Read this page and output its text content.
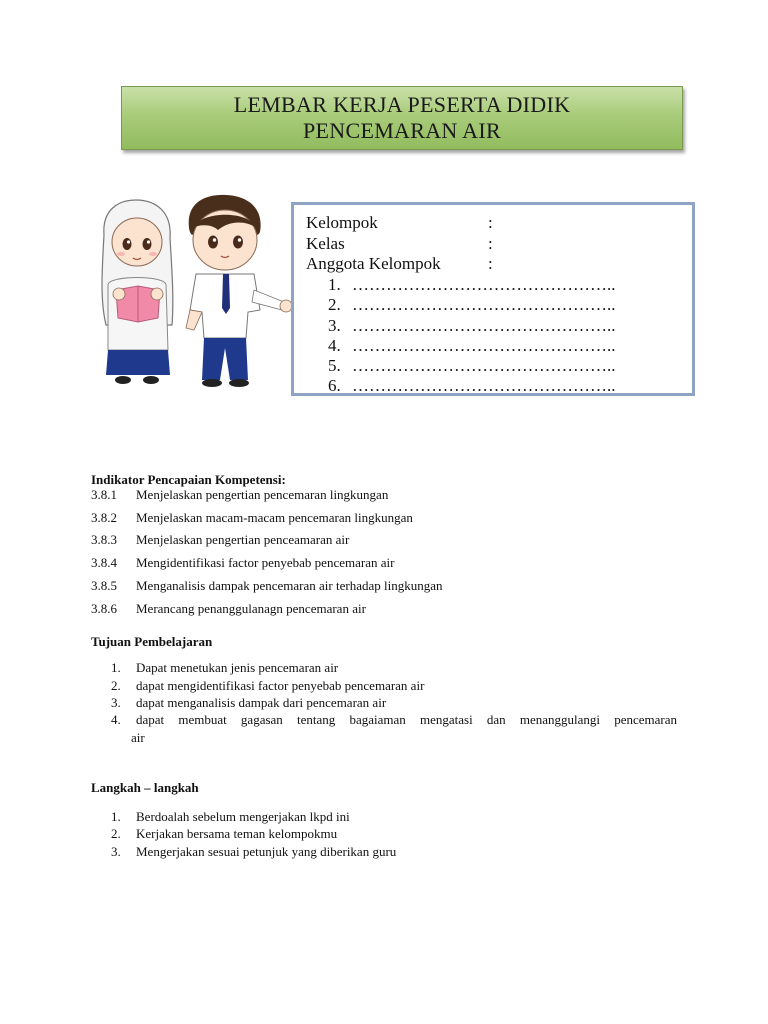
LEMBAR KERJA PESERTA DIDIK
PENCEMARAN AIR
Kelompok	:
Kelas	:
Anggota Kelompok	:
1. ………………………………………..
2. ………………………………………..
3. ………………………………………..
4. ………………………………………..
5. ………………………………………..
6. ………………………………………..
Indikator Pencapaian Kompetensi:
3.8.1 Menjelaskan pengertian pencemaran lingkungan
3.8.2 Menjelaskan macam-macam pencemaran lingkungan
3.8.3 Menjelaskan pengertian penceamaran air
3.8.4 Mengidentifikasi factor penyebab pencemaran air
3.8.5 Menganalisis dampak pencemaran air terhadap lingkungan
3.8.6 Merancang penanggulanagn pencemaran air
Tujuan Pembelajaran
1. Dapat menetukan jenis pencemaran air
2. dapat mengidentifikasi factor penyebab pencemaran air
3. dapat menganalisis dampak dari pencemaran air
4. dapat membuat gagasan tentang bagaiaman mengatasi dan menanggulangi pencemaran
air
Langkah – langkah
1. Berdoalah sebelum mengerjakan lkpd ini
2. Kerjakan bersama teman kelompokmu
3. Mengerjakan sesuai petunjuk yang diberikan guru
